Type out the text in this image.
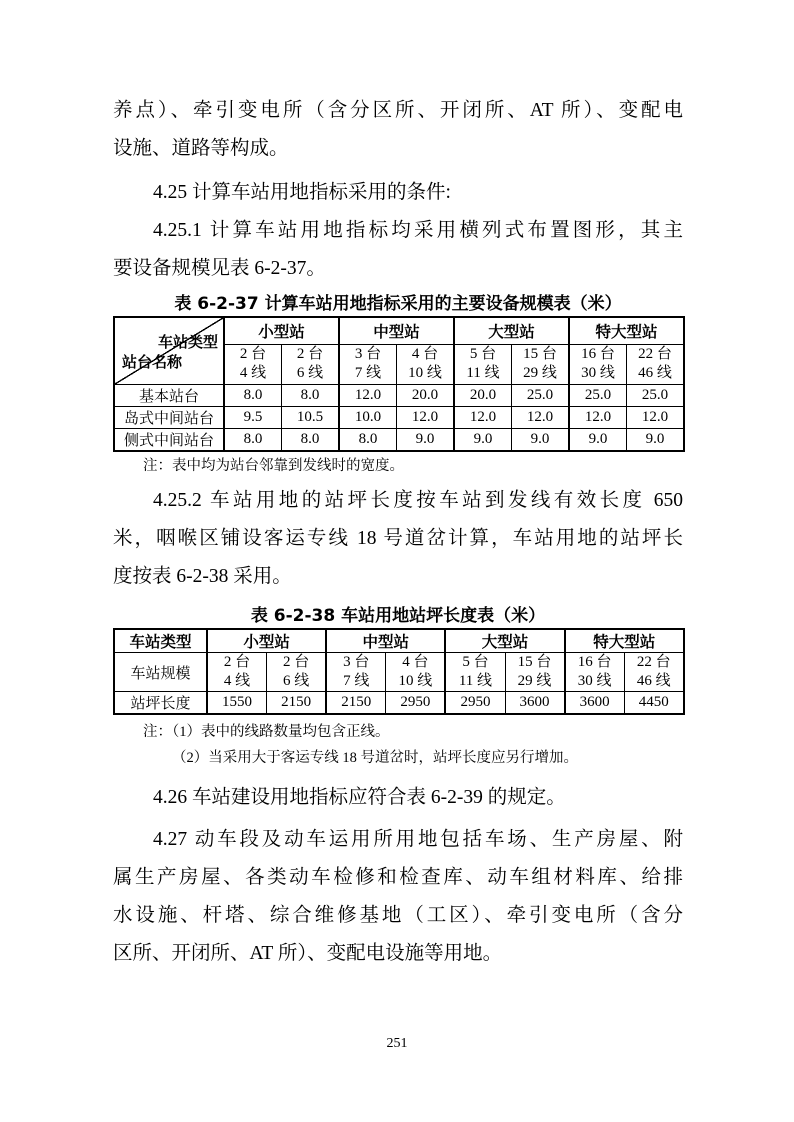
养点）、牵引变电所（含分区所、开闭所、AT 所）、变配电
设施、道路等构成。
4.25 计算车站用地指标采用的条件:
4.25.1 计算车站用地指标均采用横列式布置图形，其主
要设备规模见表 6-2-37。
表 6-2-37 计算车站用地指标采用的主要设备规模表（米）
车站类型
站台名称	小型站		中型站		大型站		特大型站	

	2 台
4 线	2 台
6 线	3 台
7 线	4 台
10 线	5 台
11 线	15 台
29 线	16 台
30 线	22 台
46 线

基本站台	8.0	8.0	12.0	20.0	20.0	25.0	25.0	25.0
岛式中间站台	9.5	10.5	10.0	12.0	12.0	12.0	12.0	12.0
侧式中间站台	8.0	8.0	8.0	9.0	9.0	9.0	9.0	9.0
注：表中均为站台邻靠到发线时的宽度。
4.25.2 车站用地的站坪长度按车站到发线有效长度 650
米，咽喉区铺设客运专线 18 号道岔计算，车站用地的站坪长
度按表 6-2-38 采用。
表 6-2-38 车站用地站坪长度表（米）
车站类型	小型站		中型站		大型站		特大型站	
车站规模	2 台
4 线	2 台
6 线	3 台
7 线	4 台
10 线	5 台
11 线	15 台
29 线	16 台
30 线	22 台
46 线

站坪长度	1550	2150	2150	2950	2950	3600	3600	4450
注：（1）表中的线路数量均包含正线。
（2）当采用大于客运专线 18 号道岔时，站坪长度应另行增加。
4.26 车站建设用地指标应符合表 6-2-39 的规定。
4.27 动车段及动车运用所用地包括车场、生产房屋、附
属生产房屋、各类动车检修和检查库、动车组材料库、给排
水设施、杆塔、综合维修基地（工区）、牵引变电所（含分
区所、开闭所、AT 所）、变配电设施等用地。
251
